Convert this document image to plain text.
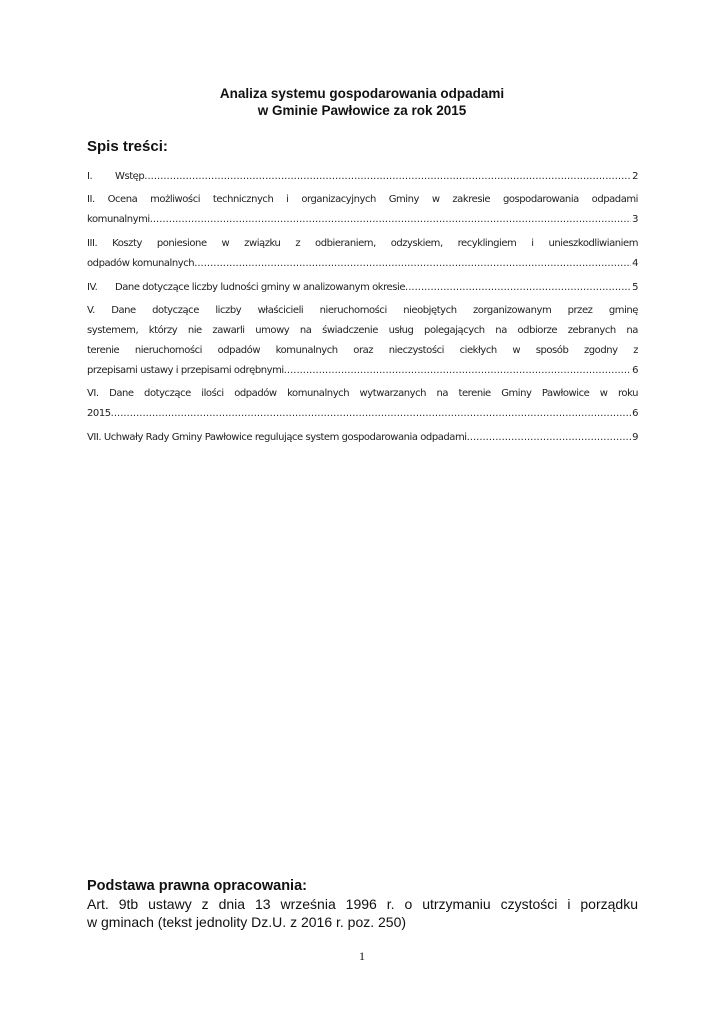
Analiza systemu gospodarowania odpadami
w Gminie Pawłowice za rok 2015
Spis treści:
I. Wstęp .....	2
II. Ocena możliwości technicznych i organizacyjnych Gminy w zakresie gospodarowania odpadami
komunalnymi .....	3
III. Koszty poniesione w związku z odbieraniem, odzyskiem, recyklingiem i unieszkodliwianiem
odpadów komunalnych .....	4
IV. Dane dotyczące liczby ludności gminy w analizowanym okresie .....	5
V. Dane dotyczące liczby właścicieli nieruchomości nieobjętych zorganizowanym przez gminę
systemem, którzy nie zawarli umowy na świadczenie usług polegających na odbiorze zebranych na
terenie nieruchomości odpadów komunalnych oraz nieczystości ciekłych w sposób zgodny z
przepisami ustawy i przepisami odrębnymi .....	6
VI. Dane dotyczące ilości odpadów komunalnych wytwarzanych na terenie Gminy Pawłowice w roku
2015 .....	6
VII. Uchwały Rady Gminy Pawłowice regulujące system gospodarowania odpadami .....	9
Podstawa prawna opracowania:
Art. 9tb ustawy z dnia 13 września 1996 r. o utrzymaniu czystości i porządku
w gminach (tekst jednolity Dz.U. z 2016 r. poz. 250)
1
